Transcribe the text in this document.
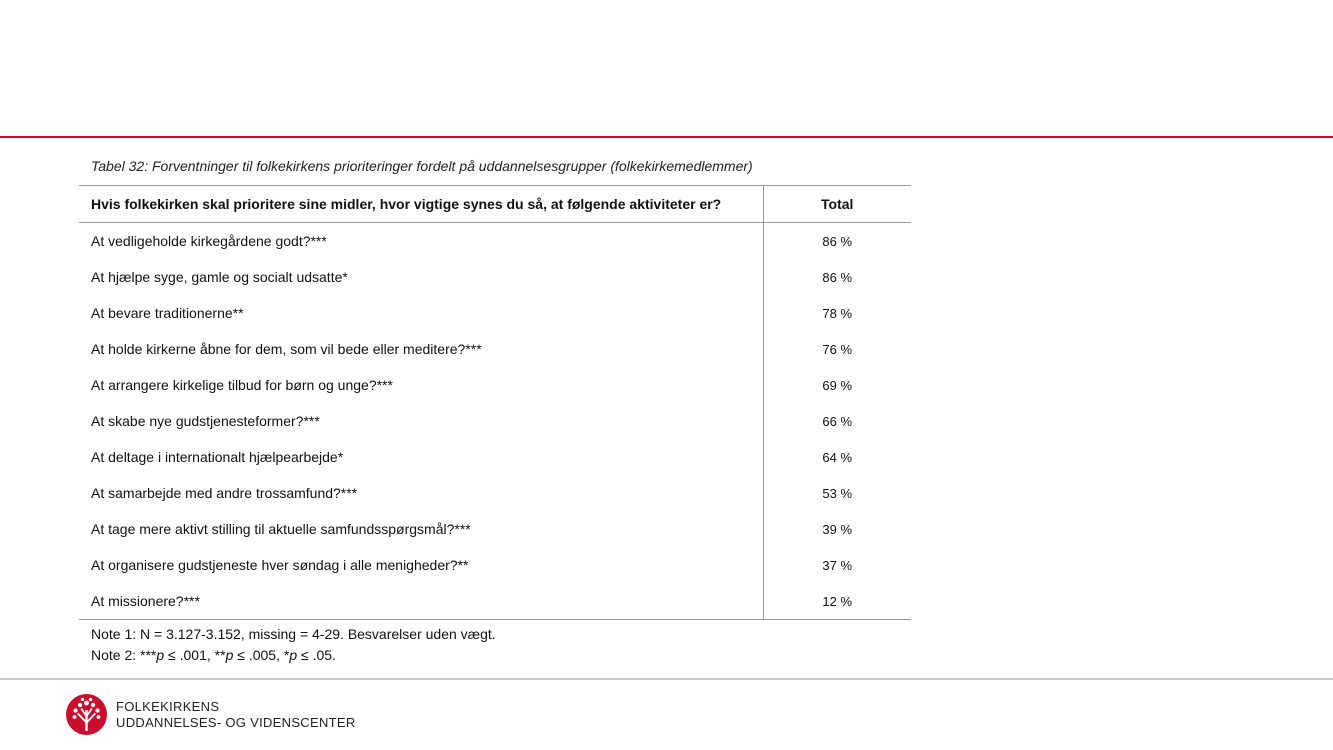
Tabel 32: Forventninger til folkekirkens prioriteringer fordelt på uddannelsesgrupper (folkekirkemedlemmer)
Hvis folkekirken skal prioritere sine midler, hvor vigtige synes du så, at følgende aktiviteter er?	Total
At vedligeholde kirkegårdene godt?***	86 %
At hjælpe syge, gamle og socialt udsatte*	86 %
At bevare traditionerne**	78 %
At holde kirkerne åbne for dem, som vil bede eller meditere?***	76 %
At arrangere kirkelige tilbud for børn og unge?***	69 %
At skabe nye gudstjenesteformer?***	66 %
At deltage i internationalt hjælpearbejde*	64 %
At samarbejde med andre trossamfund?***	53 %
At tage mere aktivt stilling til aktuelle samfundsspørgsmål?***	39 %
At organisere gudstjeneste hver søndag i alle menigheder?**	37 %
At missionere?***	12 %
Note 1: N = 3.127-3.152, missing = 4-29. Besvarelser uden vægt.
Note 2: ***p ≤ .001, **p ≤ .005, *p ≤ .05.
FOLKEKIRKENS
UDDANNELSES- OG VIDENSCENTER
